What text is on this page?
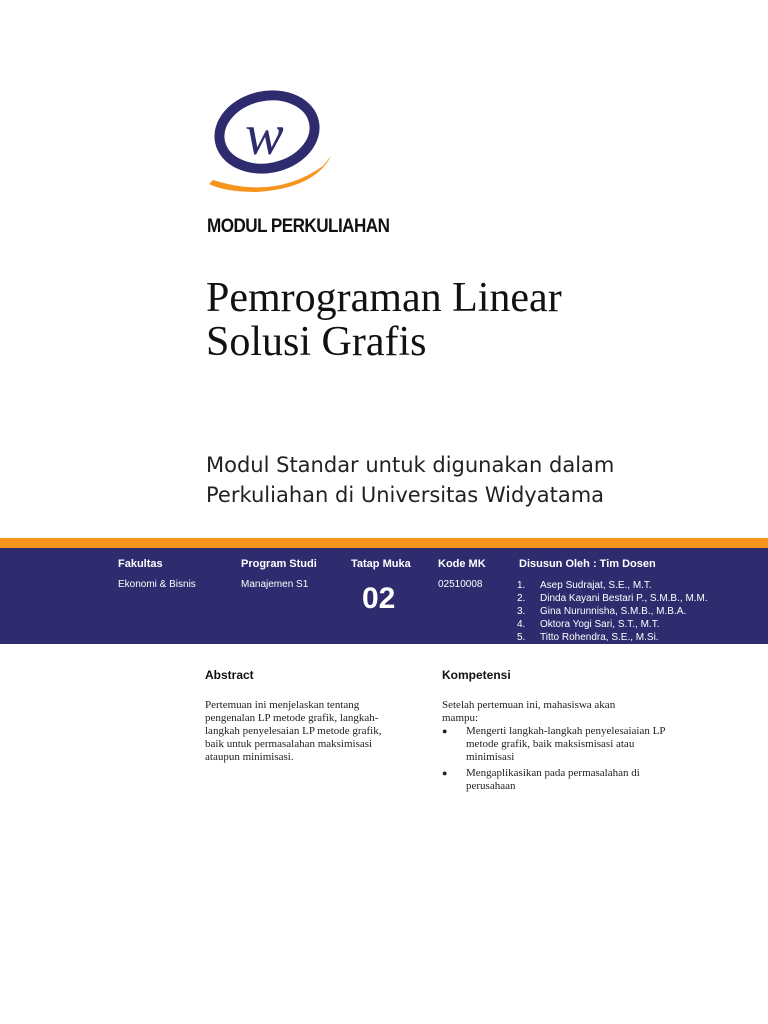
w
MODUL PERKULIAHAN
Pemrograman Linear
Solusi Grafis
Modul Standar untuk digunakan dalam
Perkuliahan di Universitas Widyatama
Fakultas
Ekonomi & Bisnis
Program Studi
Manajemen S1
Tatap Muka
02
Kode MK
02510008
Disusun Oleh : Tim Dosen
1.	Asep Sudrajat, S.E., M.T.
2.	Dinda Kayani Bestari P., S.M.B., M.M.
3.	Gina Nurunnisha, S.M.B., M.B.A.
4.	Oktora Yogi Sari, S.T., M.T.
5.	Titto Rohendra, S.E., M.Si.
Abstract
Pertemuan ini menjelaskan tentang pengenalan LP metode grafik, langkah-langkah penyelesaian LP metode grafik, baik untuk permasalahan maksimisasi ataupun minimisasi.
Kompetensi
Setelah pertemuan ini, mahasiswa akan mampu:
●	Mengerti langkah-langkah penyelesaiaian LP metode grafik, baik maksismisasi atau minimisasi
●	Mengaplikasikan pada permasalahan di perusahaan
